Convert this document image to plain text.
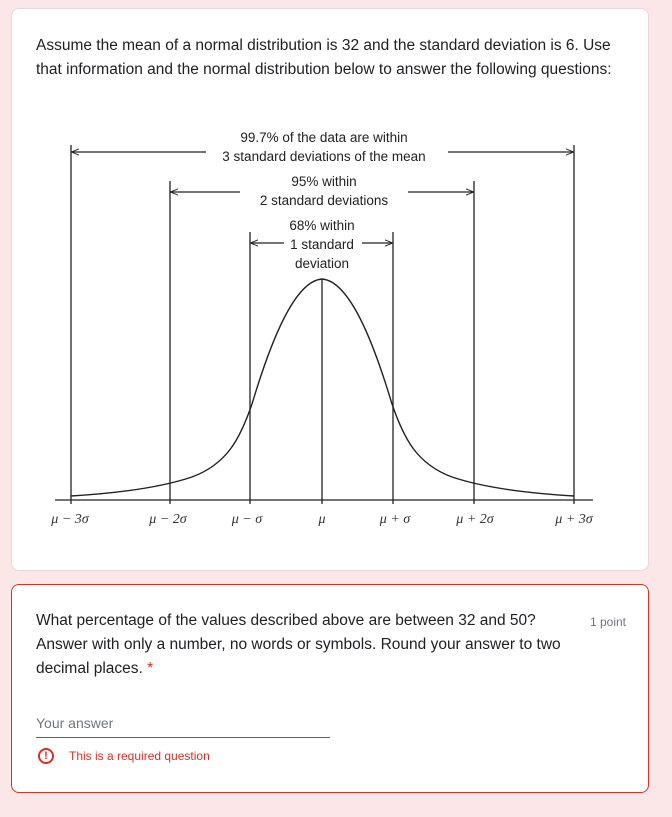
Assume the mean of a normal distribution is 32 and the standard deviation is 6. Use that information and the normal distribution below to answer the following questions:

99.7% of the data are within
3 standard deviations of the mean
95% within
2 standard deviations
68% within
1 standard
deviation
μ − 3σ	μ − 2σ	μ − σ	μ	μ + σ	μ + 2σ	μ + 3σ

What percentage of the values described above are between 32 and 50? Answer with only a number, no words or symbols. Round your answer to two decimal places. *

1 point
Your answer
!	This is a required question
